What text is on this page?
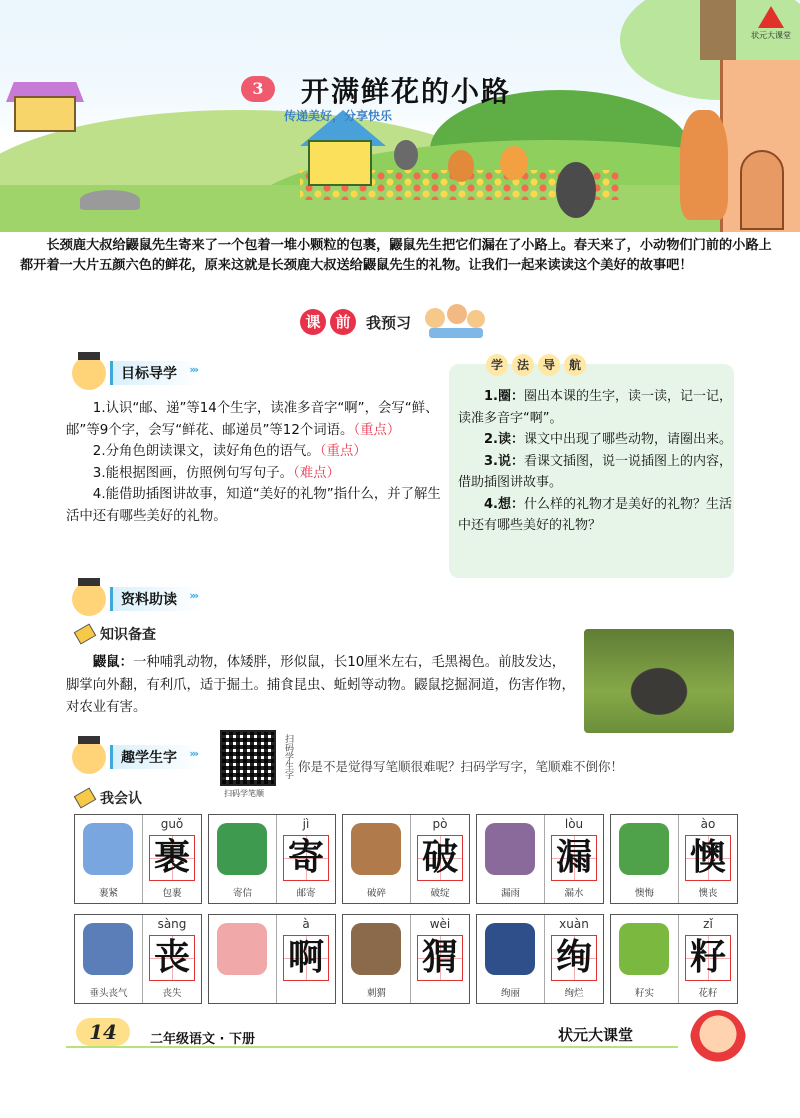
状元大课堂
3	开满鲜花的小路
传递美好，分享快乐

长颈鹿大叔给鼹鼠先生寄来了一个包着一堆小颗粒的包裹，鼹鼠先生把它们漏在了小路上。春天来了，小动物们门前的小路上都开着一大片五颜六色的鲜花，原来这就是长颈鹿大叔送给鼹鼠先生的礼物。让我们一起来读读这个美好的故事吧！

课 前	我预习
目标导学 ›››

1.认识“邮、递”等14个生字，读准多音字“啊”，会写“鲜、邮”等9个字，会写“鲜花、邮递员”等12个词语。（重点）

2.分角色朗读课文，读好角色的语气。（重点）

3.能根据图画，仿照例句写句子。（难点）

4.能借助插图讲故事，知道“美好的礼物”指什么，并了解生活中还有哪些美好的礼物。

学	法	导	航

1.圈：圈出本课的生字，读一读，记一记，读准多音字“啊”。

2.读：课文中出现了哪些动物，请圈出来。

3.说：看课文插图，说一说插图上的内容，借助插图讲故事。

4.想：什么样的礼物才是美好的礼物？生活中还有哪些美好的礼物？

资料助读 ›››
知识备查

鼹鼠：一种哺乳动物，体矮胖，形似鼠，长10厘米左右，毛黑褐色。前肢发达，脚掌向外翻，有利爪，适于掘土。捕食昆虫、蚯蚓等动物。鼹鼠挖掘洞道，伤害作物，对农业有害。

趣学生字 ›››
扫码学笔顺
扫码学生字 你是不是觉得写笔顺很难呢？扫码学写字，笔顺难不倒你！
我会认
裹紧
guǒ
裹
包裹	寄信
jì
寄
邮寄	破碎
pò
破
破绽	漏雨
lòu
漏
漏水	懊悔
ào
懊
懊丧
垂头丧气
sàng
丧
丧失
à
啊
刺猬
wèi
猬
绚丽
xuàn
绚
绚烂	籽实
zǐ
籽
花籽
14	二年级语文 · 下册	状元大课堂
